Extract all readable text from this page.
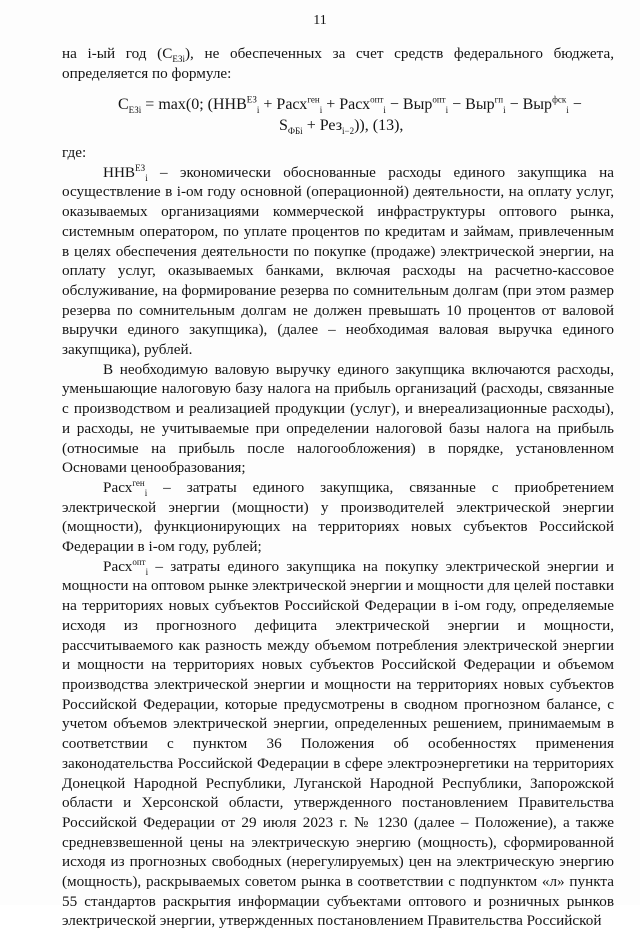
11

на i-ый год $(С_{ЕЗi})$, не обеспеченных за счет средств федерального бюджета, определяется по формуле:

$С_{ЕЗi} = \max(0$; ($ННВ^{ЕЗ}_i$ + Расх$^{ген}_i$ + Расх$^{опт}_i$ − Выр$^{опт}_i$ − Выр$^{гп}_i$ − Выр$^{фск}_i$ −

$S_{ФБi} + Рез_{i-2}$)), (13),

где:

$ННВ^{ЕЗ}_i$ – экономически обоснованные расходы единого закупщика на осуществление в i-ом году основной (операционной) деятельности, на оплату услуг, оказываемых организациями коммерческой инфраструктуры оптового рынка, системным оператором, по уплате процентов по кредитам и займам, привлеченным в целях обеспечения деятельности по покупке (продаже) электрической энергии, на оплату услуг, оказываемых банками, включая расходы на расчетно-кассовое обслуживание, на формирование резерва по сомнительным долгам (при этом размер резерва по сомнительным долгам не должен превышать 10 процентов от валовой выручки единого закупщика), (далее – необходимая валовая выручка единого закупщика), рублей.

В необходимую валовую выручку единого закупщика включаются расходы, уменьшающие налоговую базу налога на прибыль организаций (расходы, связанные с производством и реализацией продукции (услуг), и внереализационные расходы), и расходы, не учитываемые при определении налоговой базы налога на прибыль (относимые на прибыль после налогообложения) в порядке, установленном Основами ценообразования;

Расх$^{ген}_i$ – затраты единого закупщика, связанные с приобретением электрической энергии (мощности) у производителей электрической энергии (мощности), функционирующих на территориях новых субъектов Российской Федерации в i-ом году, рублей;

Расх$^{опт}_i$ – затраты единого закупщика на покупку электрической энергии и мощности на оптовом рынке электрической энергии и мощности для целей поставки на территориях новых субъектов Российской Федерации в i-ом году, определяемые исходя из прогнозного дефицита электрической энергии и мощности, рассчитываемого как разность между объемом потребления электрической энергии и мощности на территориях новых субъектов Российской Федерации и объемом производства электрической энергии и мощности на территориях новых субъектов Российской Федерации, которые предусмотрены в сводном прогнозном балансе, с учетом объемов электрической энергии, определенных решением, принимаемым в соответствии с пунктом 36 Положения об особенностях применения законодательства Российской Федерации в сфере электроэнергетики на территориях Донецкой Народной Республики, Луганской Народной Республики, Запорожской области и Херсонской области, утвержденного постановлением Правительства Российской Федерации от 29 июля 2023 г. № 1230 (далее – Положение), а также средневзвешенной цены на электрическую энергию (мощность), сформированной исходя из прогнозных свободных (нерегулируемых) цен на электрическую энергию (мощность), раскрываемых советом рынка в соответствии с подпунктом «л» пункта 55 стандартов раскрытия информации субъектами оптового и розничных рынков электрической энергии, утвержденных постановлением Правительства Российской
